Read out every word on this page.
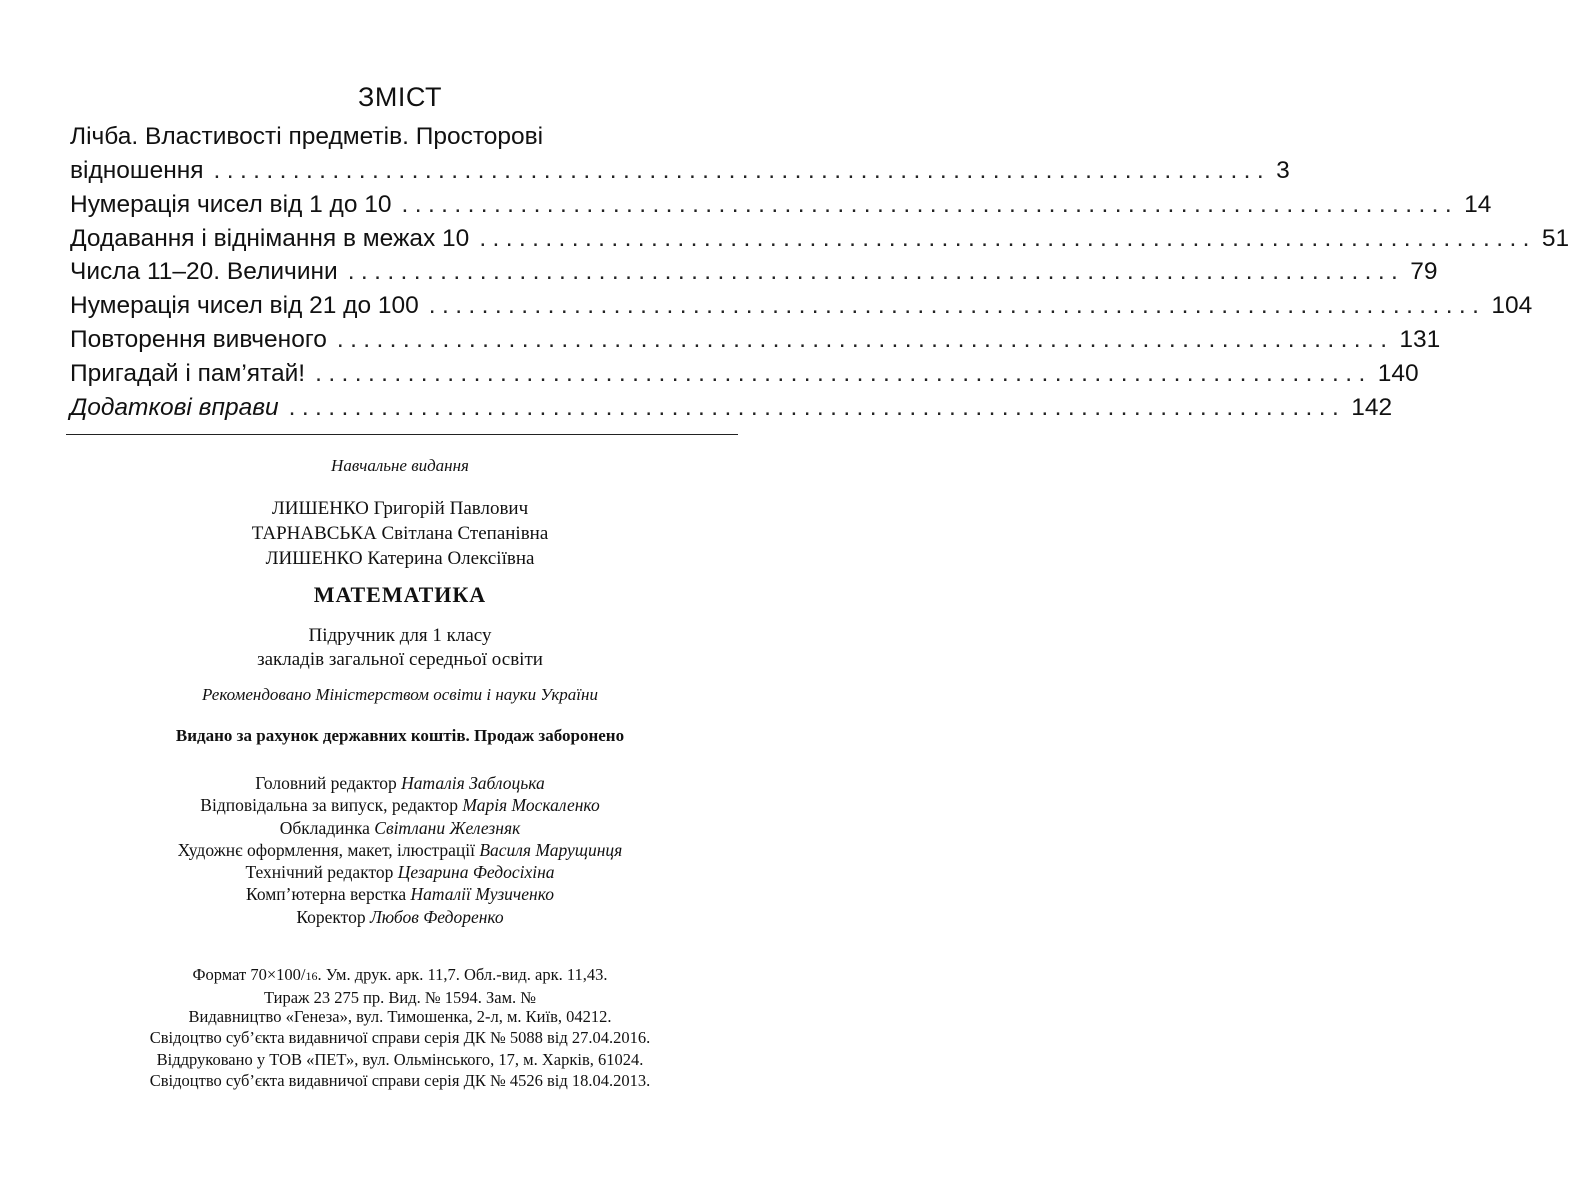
ЗМІСТ
Лічба. Властивості предметів. Просторові
відношення ................................................................................ 3
Нумерація чисел від 1 до 10 ................................................................................ 14
Додавання і віднімання в межах 10 ................................................................................ 51
Числа 11–20. Величини ................................................................................ 79
Нумерація чисел від 21 до 100 ................................................................................ 104
Повторення вивченого ................................................................................ 131
Пригадай і пам’ятай! ................................................................................ 140
Додаткові вправи ................................................................................ 142
Навчальне видання
ЛИШЕНКО Григорій Павлович
ТАРНАВСЬКА Світлана Степанівна
ЛИШЕНКО Катерина Олексіївна
МАТЕМАТИКА
Підручник для 1 класу
закладів загальної середньої освіти
Рекомендовано Міністерством освіти і науки України
Видано за рахунок державних коштів. Продаж заборонено
Головний редактор Наталія Заблоцька
Відповідальна за випуск, редактор Марія Москаленко
Обкладинка Світлани Железняк
Художнє оформлення, макет, ілюстрації Василя Марущинця
Технічний редактор Цезарина Федосіхіна
Комп’ютерна верстка Наталії Музиченко
Коректор Любов Федоренко
Формат 70×100/16. Ум. друк. арк. 11,7. Обл.-вид. арк. 11,43.
Тираж 23 275 пр. Вид. № 1594. Зам. №
Видавництво «Генеза», вул. Тимошенка, 2-л, м. Київ, 04212.
Свідоцтво суб’єкта видавничої справи серія ДК № 5088 від 27.04.2016.
Віддруковано у ТОВ «ПЕТ», вул. Ольмінського, 17, м. Харків, 61024.
Свідоцтво суб’єкта видавничої справи серія ДК № 4526 від 18.04.2013.
